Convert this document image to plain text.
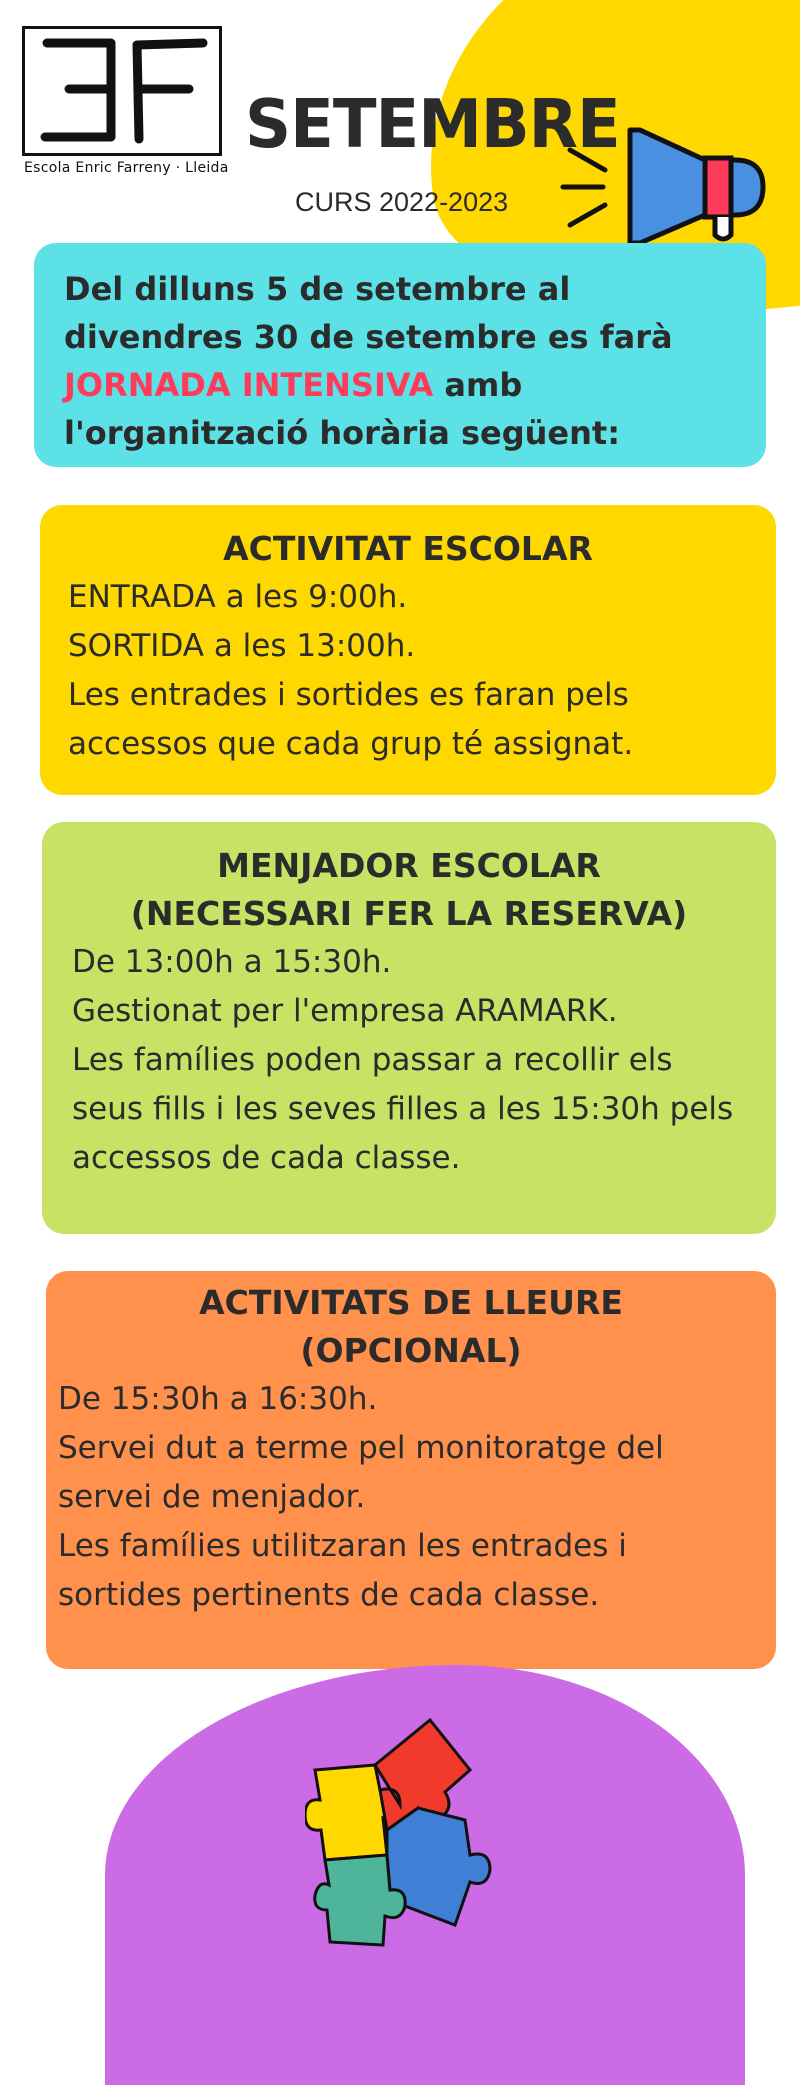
Escola Enric Farreny · Lleida
SETEMBRE
CURS 2022-2023
Del dilluns 5 de setembre al divendres 30 de setembre es farà JORNADA INTENSIVA amb l'organització horària següent:
ACTIVITAT ESCOLAR
ENTRADA a les 9:00h.
SORTIDA a les 13:00h.
Les entrades i sortides es faran pels
accessos que cada grup té assignat.
MENJADOR ESCOLAR
(NECESSARI FER LA RESERVA)
De 13:00h a 15:30h.
Gestionat per l'empresa ARAMARK.
Les famílies poden passar a recollir els
seus fills i les seves filles a les 15:30h pels
accessos de cada classe.
ACTIVITATS DE LLEURE
(OPCIONAL)
De 15:30h a 16:30h.
Servei dut a terme pel monitoratge del
servei de menjador.
Les famílies utilitzaran les entrades i
sortides pertinents de cada classe.
